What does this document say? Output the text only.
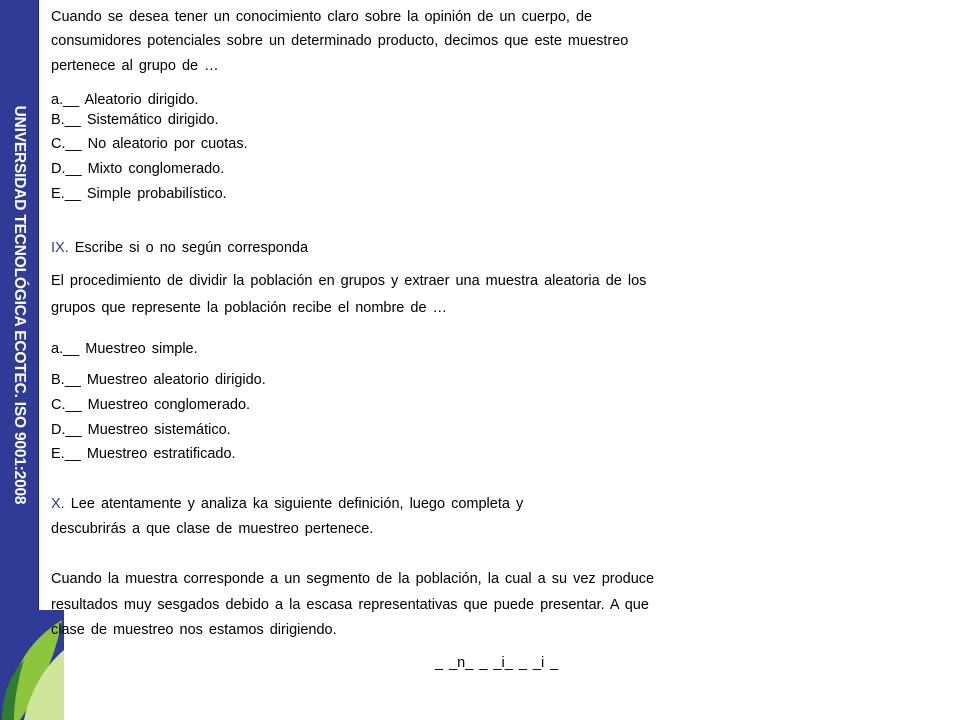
UNIVERSIDAD TECNOLÓGICA ECOTEC. ISO 9001:2008
Cuando se desea tener un conocimiento claro sobre la opinión de un cuerpo, de
consumidores potenciales sobre un determinado producto, decimos que este muestreo
pertenece al grupo de …
a.__ Aleatorio dirigido.
B.__ Sistemático dirigido.
C.__ No aleatorio por cuotas.
D.__ Mixto conglomerado.
E.__ Simple probabilístico.
IX. Escribe si o no según corresponda
El procedimiento de dividir la población en grupos y extraer una muestra aleatoria de los
grupos que represente la población recibe el nombre de …
a.__ Muestreo simple.
B.__ Muestreo aleatorio dirigido.
C.__ Muestreo conglomerado.
D.__ Muestreo sistemático.
E.__ Muestreo estratificado.
X. Lee atentamente y analiza ka siguiente definición, luego completa y
descubrirás a que clase de muestreo pertenece.
Cuando la muestra corresponde a un segmento de la población, la cual a su vez produce
resultados muy sesgados debido a la escasa representativas que puede presentar. A que
clase de muestreo nos estamos dirigiendo.
_ _n_ _ _i_ _ _i _
